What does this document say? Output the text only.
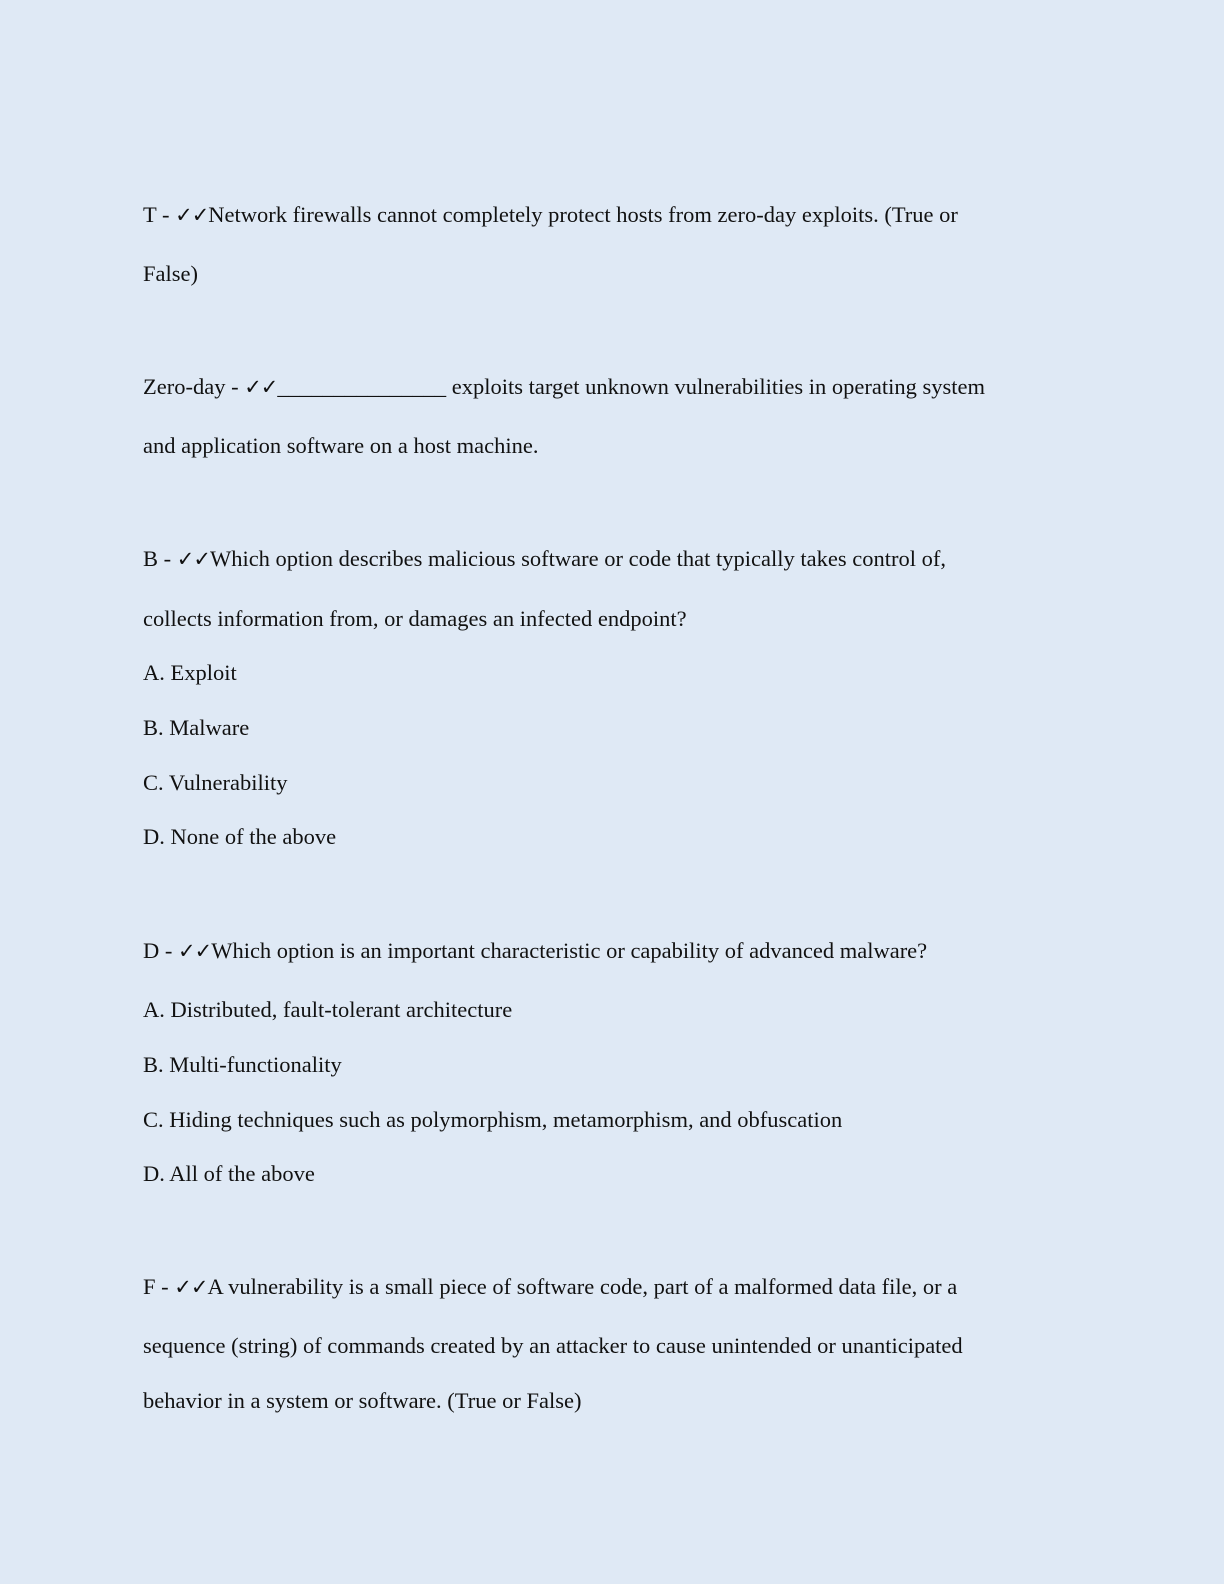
T - ✓✓Network firewalls cannot completely protect hosts from zero-day exploits. (True or

False)

Zero-day - ✓✓_______________ exploits target unknown vulnerabilities in operating system

and application software on a host machine.

B - ✓✓Which option describes malicious software or code that typically takes control of,

collects information from, or damages an infected endpoint?

A. Exploit

B. Malware

C. Vulnerability

D. None of the above

D - ✓✓Which option is an important characteristic or capability of advanced malware?

A. Distributed, fault-tolerant architecture

B. Multi-functionality

C. Hiding techniques such as polymorphism, metamorphism, and obfuscation

D. All of the above

F - ✓✓A vulnerability is a small piece of software code, part of a malformed data file, or a

sequence (string) of commands created by an attacker to cause unintended or unanticipated

behavior in a system or software. (True or False)
